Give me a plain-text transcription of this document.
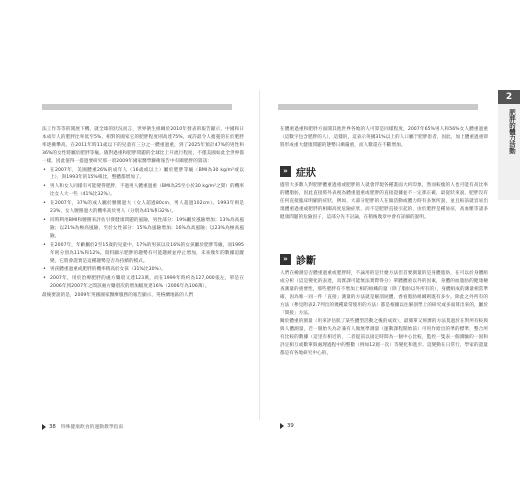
法工作等等的開展下機，就全球的狀況而言，世界衛生組織於2010年發表的報告顯示，中國和日本成年人的肥胖比率低至5%，相對的國家它的肥胖程度則高達75%，或許最令人擔憂的在於肥胖率逐漸攀高，在2011年時11歲以下的兒童有三分之一體重過重，到了2025年預計47%的男性和36%的女性將屬於肥胖等級。儀對過重和肥胖問題的全球比上升流行程度，不僅美國如此全世界都一樣，因此值得一提過要研究那一項2009年國家醫學聯衛報告中有關肥胖的資訊：

• 在2007年，美國體重26%的成年人（16歲或以上）屬於肥胖等級（BMI為30 kg/m²或以上），與1993年的15%相比，整體都增加了。
• 男人和女人同樣有可能變得肥胖，不過男人體重過重（BMI為25至小於30 kg/m²之間）的機率比女人大一些（41%比32%）。
• 在2007年，37%的成人屬於腰圍過大（女人超過80cm，男人超過102cm）。1993年則是23%，女人腰圍過大的機率高於男人（分別為41%和32%）。
• 同時利用BMI和腰圍來評估引發健康問題的風險，男性部分：19%屬於風險增加；13%為高風險；以21%為極高風險，至於女性部分：15%為風險增加；16%為高風險；以23%為極高風險。
• 在2007年，年齡屬於2至15歲的兒童中，17%的男孩以及16%的女孩屬於肥胖等級，而1995年則分別為11%和12%。資料顯示肥胖的趨勢有可能趨緩並停止增加，未來幾年的數據追蹤變，它將會證實是這種趨勢是否為持續的模式。
• 男孩體重過重或肥胖的機率稍高於女孩（31%比30%）。
• 2007年，用於治療肥胖的處方藥項又達123萬，而在1999年時約為127,000張左，單是在2006年到2007年之間該處方藥項次的增加幅度達16%（2006年為106萬）。

最後要說的是，2009年英國國家醫療服務的報告顯示，英格蘭地區的人們

38 特殊健康飲食的運動教學指南
在體重過重和肥胖方面開其他世界各地的人可算是同樣程度，2007年65%男人和56%女人體重過重（這數字包含肥胖的人），這樣的，這表示英國31%以上的人口屬于肥胖患者，因此，加上體重過重即將形成重大健康問題的態勢日漸嚴重，而人數還在不斷增加。
» 症狀
儘管大多數人對肥胖體重過重或肥胖的人就會浮現各種畫面大約印象，然而較瘦的人也可能有高比率的體脂肪，因此直接將外表視為體重過重或肥胖的直接證據並不一定那正確，最從狀來說，肥胖沒有任何直接臨床明顯的症狀，例如，大部分肥胖的人在做活動或體力時有多無所說，並且較前就容易出現體重過重或肥胖的相關高度危險症狀，而不是肥胖直接引起的，由於肥胖是種易症，高血壓等諸多健康問題的危險因子，這部分先不討論，在稍後幾章中會有詳細的說明。
» 診斷

人們在檢測是否體重過重或肥胖時，不論用的是什麼方法但首要測量的是身體脂肪，在可以於身體組成分析（這是變化的表達，真實課可能無法實際得分）單體體重以外的因素，身體的血脂肪的健康檢查測量的重要性，那些肥胖有不增加上相的組織的量（除了脂肪以外所有的），身體組成的測量相當準確，因為唯一同一件「直接」測量的方法就是解剖屍體，香看脂肪組織則既有多少。除此之外所有的方法（參見附表2.7列出的幾種最常使用的方法）都是根據以往解剖學上的研究或多面算出來的，屬於「間接」方法。

關於體重的測量（用來評估肌了某些體型活動之後的成效），最簡單又經濟的方法莫過於在對所有較與與人體測量，若一開始失為計兼有人做無準測量（運動課程開始前）可用作給出的準的標準，整合所有比較的數據（這里有相近的，二者提前以固定時間為一個中心比較，監控一隻表一個測驗的一固和評定相互或數單與處理過程中的整數（例如12週一次）等變化和進步。這變動在日常行，學家的證量都是有各地研究中心的。

2
肥胖的體力活動
39
